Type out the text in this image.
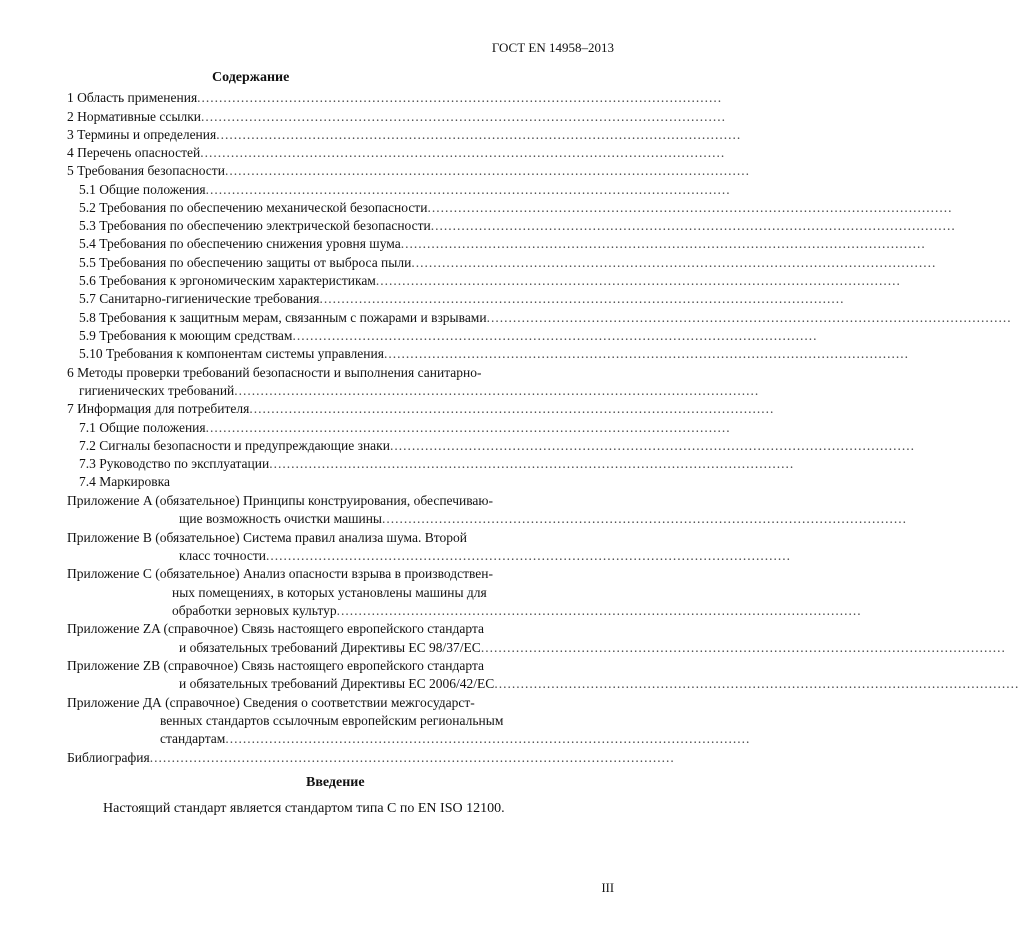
ГОСТ EN 14958–2013
Содержание
1 Область применения........................................................................................................................
2 Нормативные ссылки........................................................................................................................
3 Термины и определения........................................................................................................................
4 Перечень опасностей........................................................................................................................
5 Требования безопасности........................................................................................................................
5.1 Общие положения........................................................................................................................
5.2 Требования по обеспечению механической безопасности........................................................................................................................
5.3 Требования по обеспечению электрической безопасности........................................................................................................................
5.4 Требования по обеспечению снижения уровня шума........................................................................................................................
5.5 Требования по обеспечению защиты от выброса пыли........................................................................................................................
5.6 Требования к эргономическим характеристикам........................................................................................................................
5.7 Санитарно-гигиенические требования........................................................................................................................
5.8 Требования к защитным мерам, связанным с пожарами и взрывами........................................................................................................................
5.9 Требования к моющим средствам........................................................................................................................
5.10 Требования к компонентам системы управления........................................................................................................................
6 Методы проверки требований безопасности и выполнения санитарно-
гигиенических требований........................................................................................................................
7 Информация для потребителя........................................................................................................................
7.1 Общие положения........................................................................................................................
7.2 Сигналы безопасности и предупреждающие знаки........................................................................................................................
7.3 Руководство по эксплуатации........................................................................................................................
7.4 Маркировка
Приложение A (обязательное) Принципы конструирования, обеспечиваю-
щие возможность очистки машины........................................................................................................................
Приложение B (обязательное) Система правил анализа шума. Второй
класс точности........................................................................................................................
Приложение C (обязательное) Анализ опасности взрыва в производствен-
ных помещениях, в которых установлены машины для
обработки зерновых культур........................................................................................................................
Приложение ZA (справочное) Связь настоящего европейского стандарта
и обязательных требований Директивы ЕС 98/37/ЕС........................................................................................................................
Приложение ZB (справочное) Связь настоящего европейского стандарта
и обязательных требований Директивы ЕС 2006/42/ЕС........................................................................................................................
Приложение ДА (справочное) Сведения о соответствии межгосударст-
венных стандартов ссылочным европейским региональным
стандартам........................................................................................................................
Библиография........................................................................................................................
Введение
Настоящий стандарт является стандартом типа C по EN ISO 12100.
III
